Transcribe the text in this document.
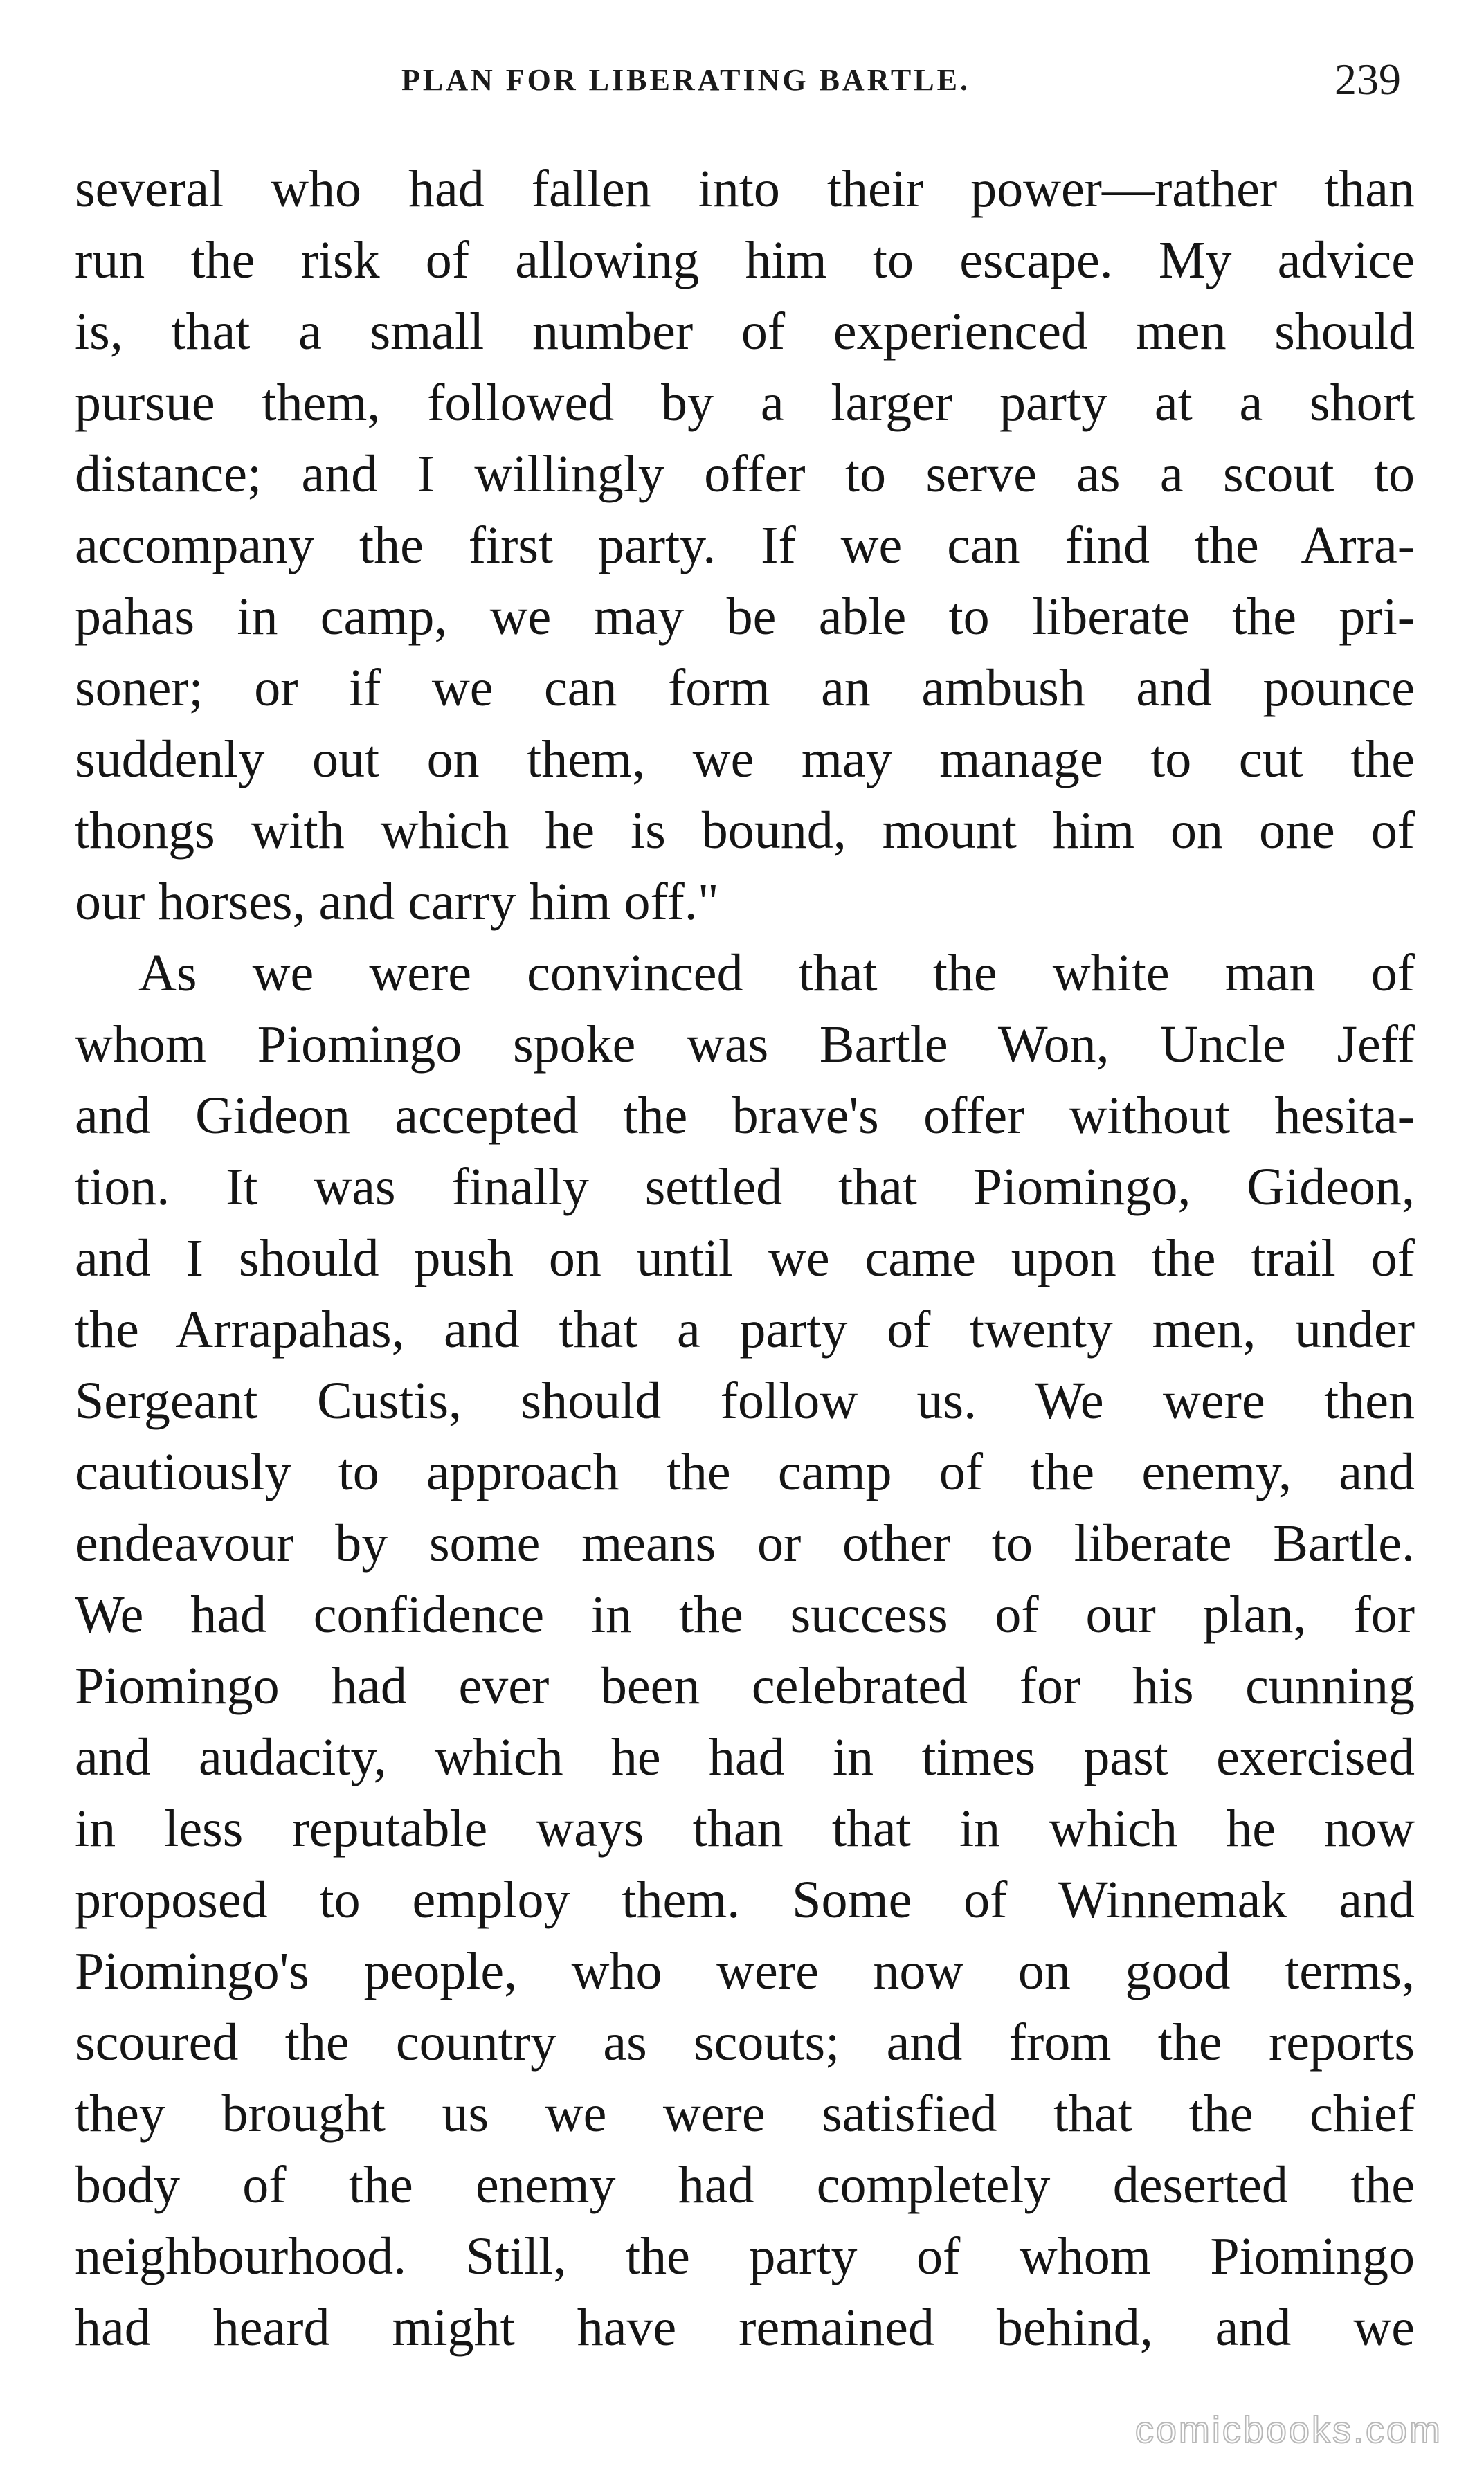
PLAN FOR LIBERATING BARTLE.	239
several who had fallen into their power—rather than
run the risk of allowing him to escape. My advice
is, that a small number of experienced men should
pursue them, followed by a larger party at a short
distance; and I willingly offer to serve as a scout to
accompany the first party. If we can find the Arra-
pahas in camp, we may be able to liberate the pri-
soner; or if we can form an ambush and pounce
suddenly out on them, we may manage to cut the
thongs with which he is bound, mount him on one of
our horses, and carry him off."
As we were convinced that the white man of
whom Piomingo spoke was Bartle Won, Uncle Jeff
and Gideon accepted the brave's offer without hesita-
tion. It was finally settled that Piomingo, Gideon,
and I should push on until we came upon the trail of
the Arrapahas, and that a party of twenty men, under
Sergeant Custis, should follow us. We were then
cautiously to approach the camp of the enemy, and
endeavour by some means or other to liberate Bartle.
We had confidence in the success of our plan, for
Piomingo had ever been celebrated for his cunning
and audacity, which he had in times past exercised
in less reputable ways than that in which he now
proposed to employ them. Some of Winnemak and
Piomingo's people, who were now on good terms,
scoured the country as scouts; and from the reports
they brought us we were satisfied that the chief
body of the enemy had completely deserted the
neighbourhood. Still, the party of whom Piomingo
had heard might have remained behind, and we
comicbooks.com
